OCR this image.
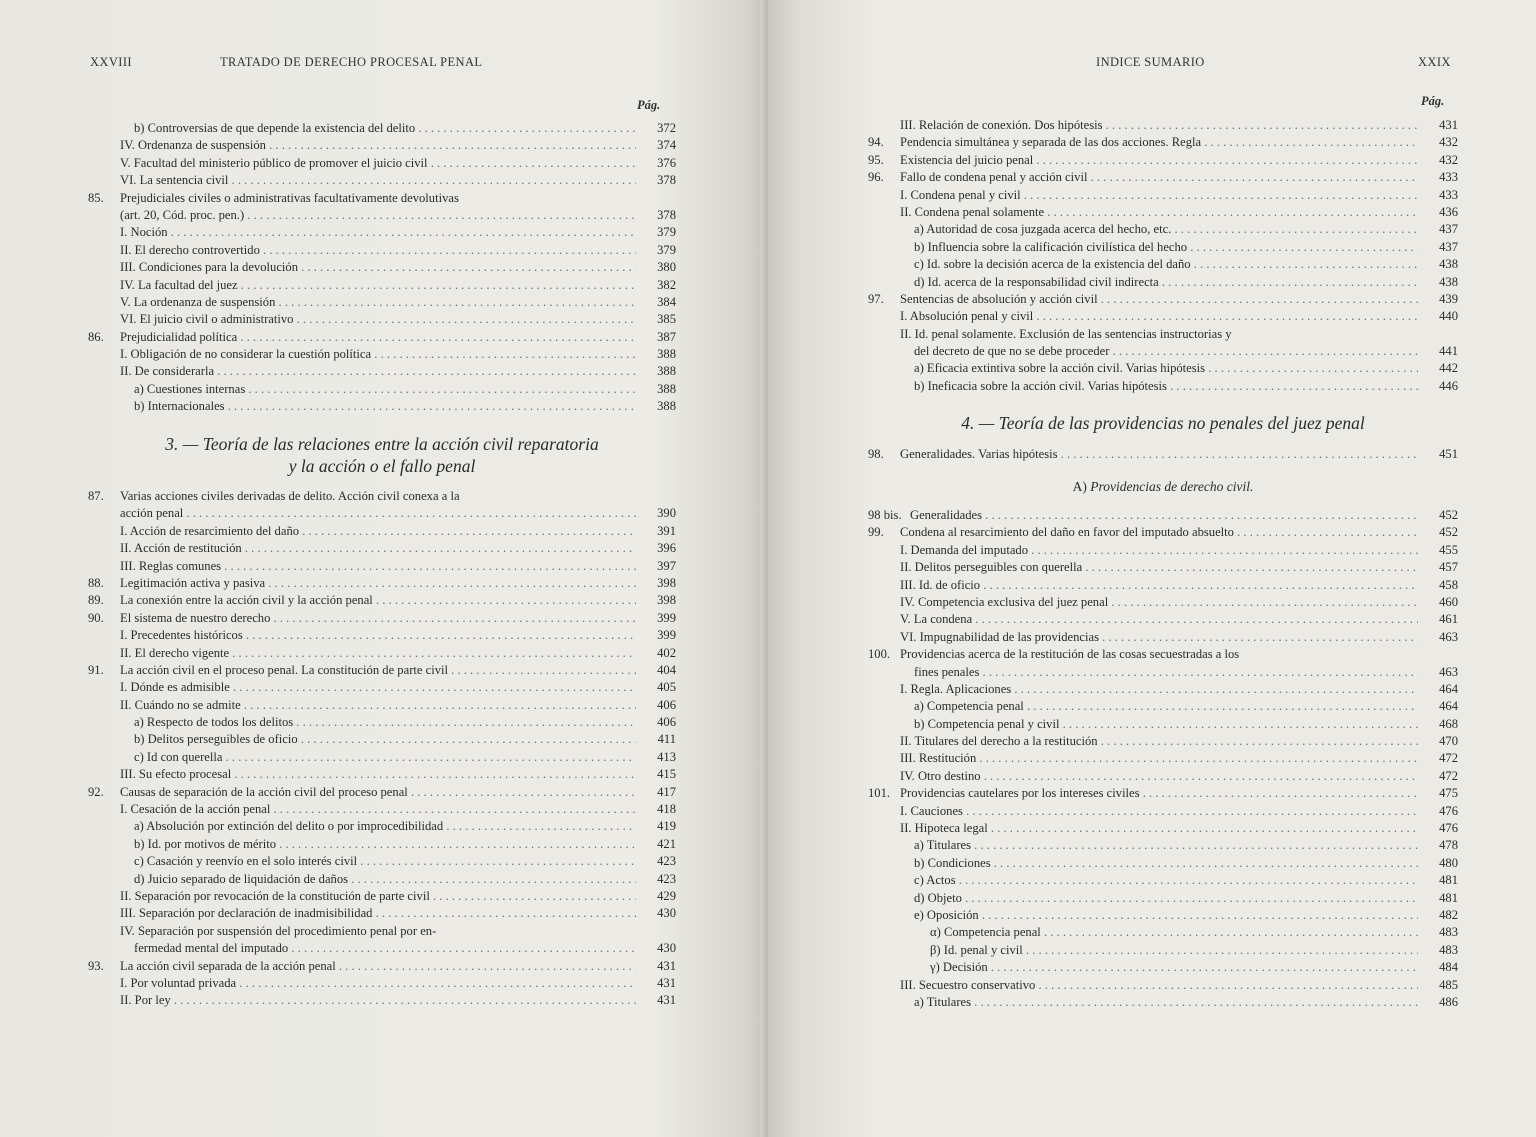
XXVIII	TRATADO DE DERECHO PROCESAL PENAL
Pág.
b) Controversias de que depende la existencia del delito . . .	372
IV. Ordenanza de suspensión . . .	374
V. Facultad del ministerio público de promover el juicio civil . . .	376
VI. La sentencia civil . . .	378
85. Prejudiciales civiles o administrativas facultativamente devolutivas
(art. 20, Cód. proc. pen.) . . .	378
I. Noción . . .	379
II. El derecho controvertido . . .	379
III. Condiciones para la devolución . . .	380
IV. La facultad del juez . . .	382
V. La ordenanza de suspensión . . .	384
VI. El juicio civil o administrativo . . .	385
86. Prejudicialidad política . . .	387
I. Obligación de no considerar la cuestión política . . .	388
II. De considerarla . . .	388
a) Cuestiones internas . . .	388
b) Internacionales . . .	388
3. — Teoría de las relaciones entre la acción civil reparatoria
y la acción o el fallo penal
87. Varias acciones civiles derivadas de delito. Acción civil conexa a la
acción penal . . .	390
I. Acción de resarcimiento del daño . . .	391
II. Acción de restitución . . .	396
III. Reglas comunes . . .	397
88. Legitimación activa y pasiva . . .	398
89. La conexión entre la acción civil y la acción penal . . .	398
90. El sistema de nuestro derecho . . .	399
I. Precedentes históricos . . .	399
II. El derecho vigente . . .	402
91. La acción civil en el proceso penal. La constitución de parte civil . . .	404
I. Dónde es admisible . . .	405
II. Cuándo no se admite . . .	406
a) Respecto de todos los delitos . . .	406
b) Delitos perseguibles de oficio . . .	411
c) Id con querella . . .	413
III. Su efecto procesal . . .	415
92. Causas de separación de la acción civil del proceso penal . . .	417
I. Cesación de la acción penal . . .	418
a) Absolución por extinción del delito o por improcedibilidad . . .	419
b) Id. por motivos de mérito . . .	421
c) Casación y reenvío en el solo interés civil . . .	423
d) Juicio separado de liquidación de daños . . .	423
II. Separación por revocación de la constitución de parte civil . . .	429
III. Separación por declaración de inadmisibilidad . . .	430
IV. Separación por suspensión del procedimiento penal por en-
fermedad mental del imputado . . .	430
93. La acción civil separada de la acción penal . . .	431
I. Por voluntad privada . . .	431
II. Por ley . . .	431
INDICE SUMARIO	XXIX
Pág.
III. Relación de conexión. Dos hipótesis . . .	431
94. Pendencia simultánea y separada de las dos acciones. Regla . . .	432
95. Existencia del juicio penal . . .	432
96. Fallo de condena penal y acción civil . . .	433
I. Condena penal y civil . . .	433
II. Condena penal solamente . . .	436
a) Autoridad de cosa juzgada acerca del hecho, etc. . . .	437
b) Influencia sobre la calificación civilística del hecho . . .	437
c) Id. sobre la decisión acerca de la existencia del daño . . .	438
d) Id. acerca de la responsabilidad civil indirecta . . .	438
97. Sentencias de absolución y acción civil . . .	439
I. Absolución penal y civil . . .	440
II. Id. penal solamente. Exclusión de las sentencias instructorias y
del decreto de que no se debe proceder . . .	441
a) Eficacia extintiva sobre la acción civil. Varias hipótesis . . .	442
b) Ineficacia sobre la acción civil. Varias hipótesis . . .	446
4. — Teoría de las providencias no penales del juez penal
98. Generalidades. Varias hipótesis . . .	451
A) Providencias de derecho civil.
98 bis. Generalidades . . .	452
99. Condena al resarcimiento del daño en favor del imputado absuelto . . .	452
I. Demanda del imputado . . .	455
II. Delitos perseguibles con querella . . .	457
III. Id. de oficio . . .	458
IV. Competencia exclusiva del juez penal . . .	460
V. La condena . . .	461
VI. Impugnabilidad de las providencias . . .	463
100. Providencias acerca de la restitución de las cosas secuestradas a los
fines penales . . .	463
I. Regla. Aplicaciones . . .	464
a) Competencia penal . . .	464
b) Competencia penal y civil . . .	468
II. Titulares del derecho a la restitución . . .	470
III. Restitución . . .	472
IV. Otro destino . . .	472
101. Providencias cautelares por los intereses civiles . . .	475
I. Cauciones . . .	476
II. Hipoteca legal . . .	476
a) Titulares . . .	478
b) Condiciones . . .	480
c) Actos . . .	481
d) Objeto . . .	481
e) Oposición . . .	482
α) Competencia penal . . .	483
β) Id. penal y civil . . .	483
γ) Decisión . . .	484
III. Secuestro conservativo . . .	485
a) Titulares . . .	486
